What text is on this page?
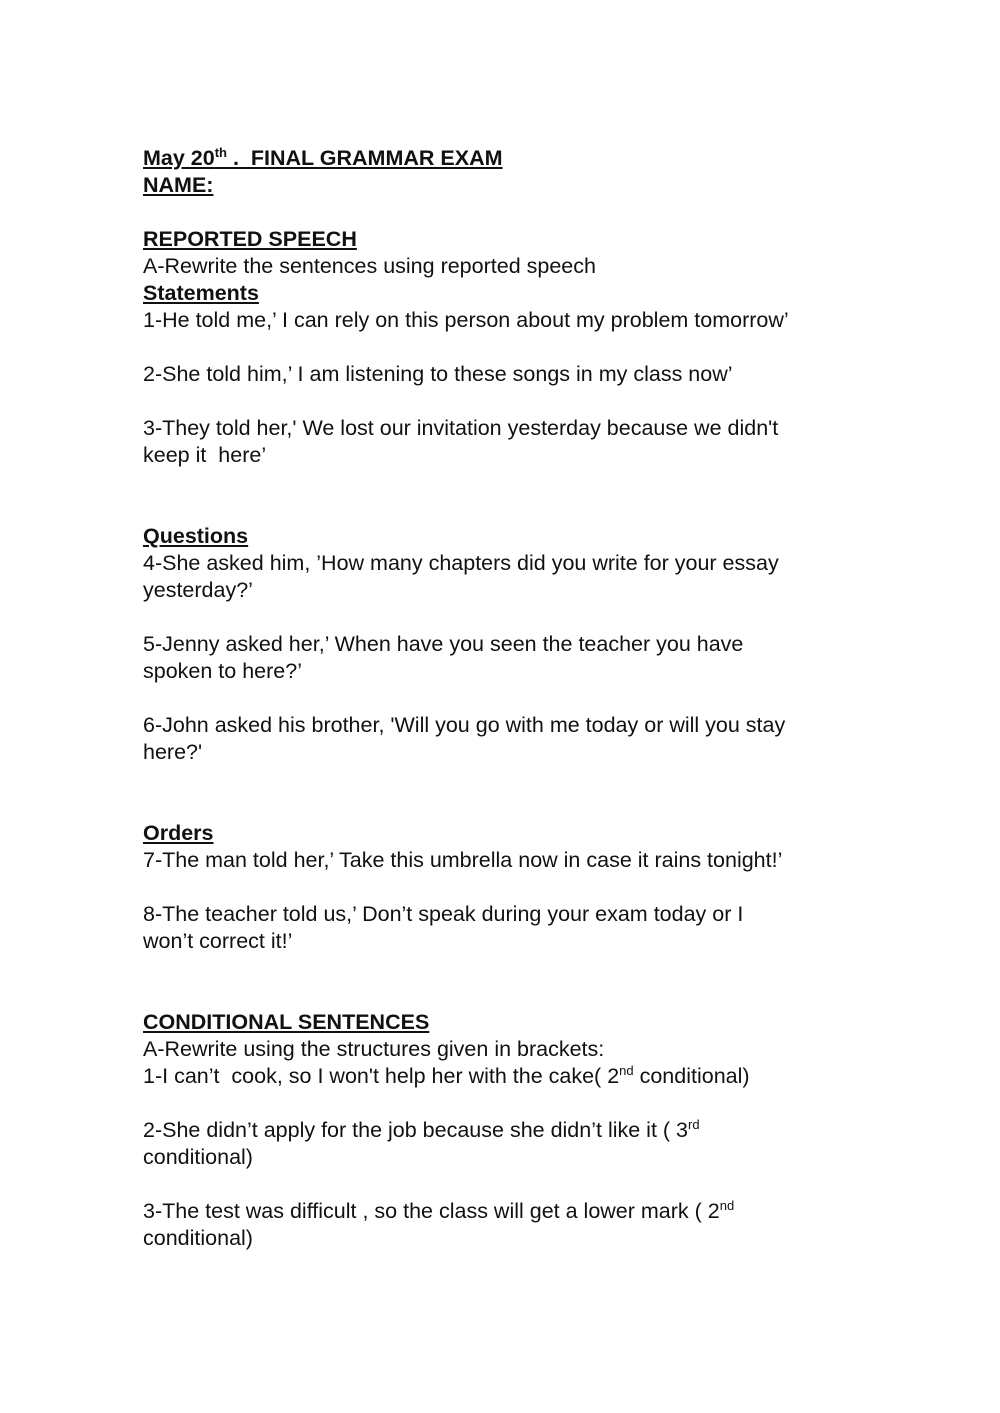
May 20th .  FINAL GRAMMAR EXAM
NAME:
REPORTED SPEECH
A-Rewrite the sentences using reported speech
Statements
1-He told me,’ I can rely on this person about my problem tomorrow’
2-She told him,’ I am listening to these songs in my class now’
3-They told her,' We lost our invitation yesterday because we didn't
keep it  here’
Questions
4-She asked him, ’How many chapters did you write for your essay
yesterday?’
5-Jenny asked her,’ When have you seen the teacher you have
spoken to here?’
6-John asked his brother, 'Will you go with me today or will you stay
here?'
Orders
7-The man told her,’ Take this umbrella now in case it rains tonight!’
8-The teacher told us,’ Don’t speak during your exam today or I
won’t correct it!’
CONDITIONAL SENTENCES
A-Rewrite using the structures given in brackets:
1-I can’t  cook, so I won't help her with the cake( 2nd conditional)
2-She didn’t apply for the job because she didn’t like it ( 3rd
conditional)
3-The test was difficult , so the class will get a lower mark ( 2nd
conditional)
